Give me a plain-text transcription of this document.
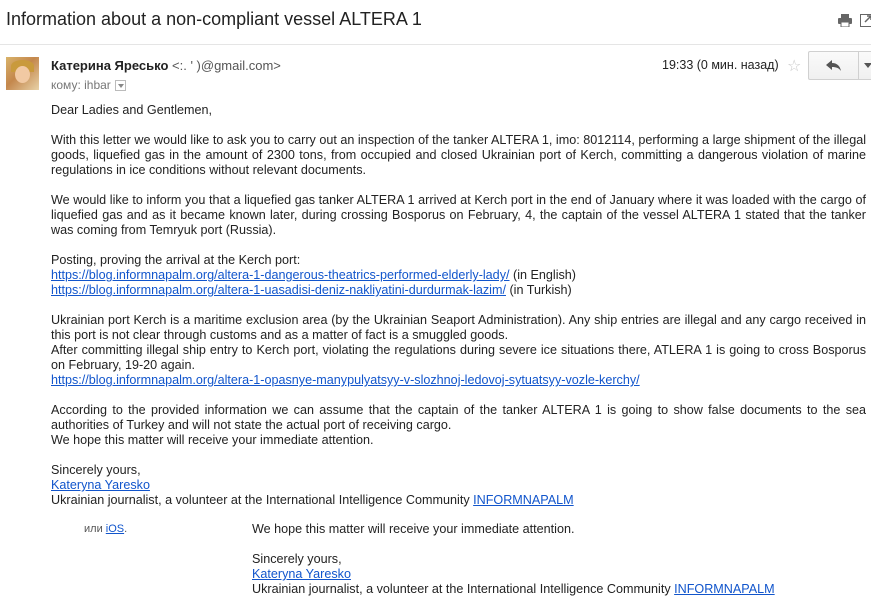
Information about a non-compliant vessel ALTERA 1
Катерина Яресько <:. ' )@gmail.com>
кому: ihbar
19:33 (0 мин. назад) ☆

Dear Ladies and Gentlemen,

With this letter we would like to ask you to carry out an inspection of the tanker ALTERA 1, imo: 8012114, performing a large shipment of the illegal goods, liquefied gas in the amount of 2300 tons, from occupied and closed Ukrainian port of Kerch, committing a dangerous violation of marine regulations in ice conditions without relevant documents.

We would like to inform you that a liquefied gas tanker ALTERA 1 arrived at Kerch port in the end of January where it was loaded with the cargo of liquefied gas and as it became known later, during crossing Bosporus on February, 4, the captain of the vessel ALTERA 1 stated that the tanker was coming from Temryuk port (Russia).

Posting, proving the arrival at the Kerch port:
https://blog.informnapalm.org/altera-1-dangerous-theatrics-performed-elderly-lady/ (in English)
https://blog.informnapalm.org/altera-1-uasadisi-deniz-nakliyatini-durdurmak-lazim/ (in Turkish)

Ukrainian port Kerch is a maritime exclusion area (by the Ukrainian Seaport Administration). Any ship entries are illegal and any cargo received in this port is not clear through customs and as a matter of fact is a smuggled goods.
After committing illegal ship entry to Kerch port, violating the regulations during severe ice situations there, ATLERA 1 is going to cross Bosporus on February, 19-20 again.
https://blog.informnapalm.org/altera-1-opasnye-manypulyatsyy-v-slozhnoj-ledovoj-sytuatsyy-vozle-kerchy/

According to the provided information we can assume that the captain of the tanker ALTERA 1 is going to show false documents to the sea authorities of Turkey and will not state the actual port of receiving cargo.
We hope this matter will receive your immediate attention.

Sincerely yours,
Kateryna Yaresko
Ukrainian journalist, a volunteer at the International Intelligence Community INFORMNAPALM

или iOS.	We hope this matter will receive your immediate attention.

Sincerely yours,
Kateryna Yaresko
Ukrainian journalist, a volunteer at the International Intelligence Community INFORMNAPALM
